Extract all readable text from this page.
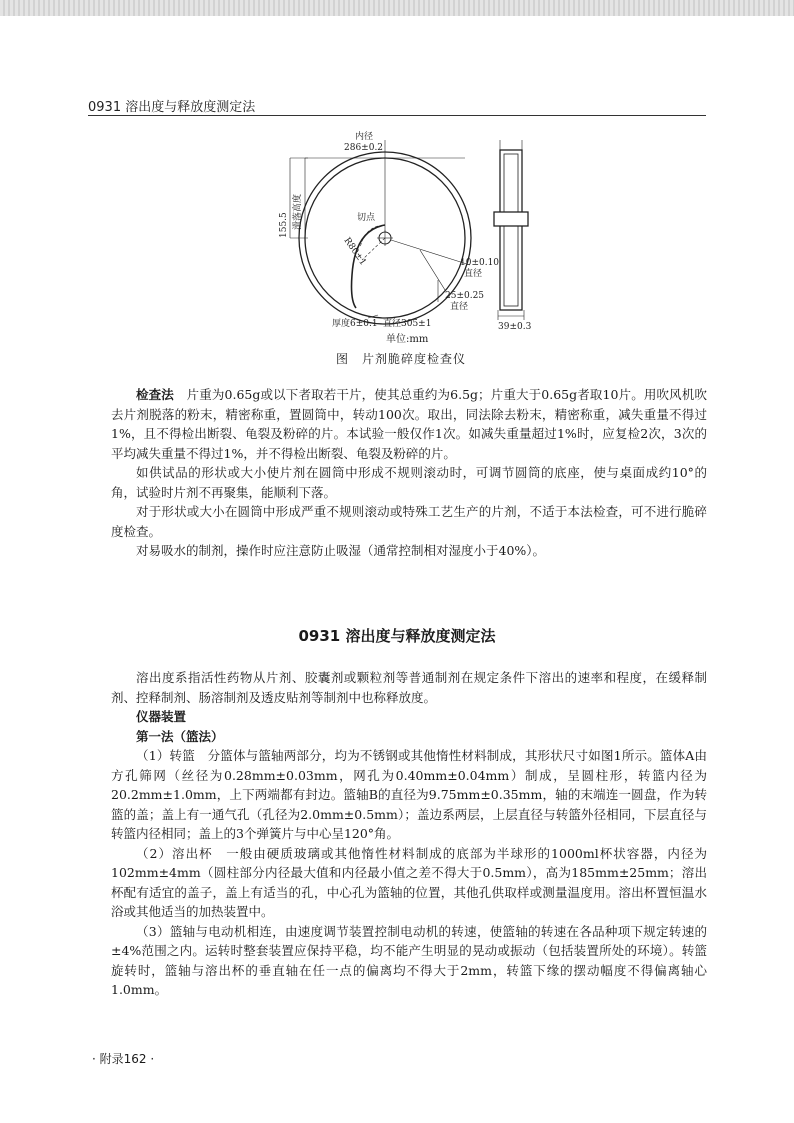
0931 溶出度与释放度测定法
内径
286±0.2
155.5 滑落高度	切点
R80±1	10±0.10
直径
25±0.25
直径
厚度6±0.1 直径305±1	39±0.3
单位:mm
图　片剂脆碎度检查仪

检查法　 片重为0.65g或以下者取若干片，使其总重约为6.5g；片重大于0.65g者取10片。用吹风机吹去片剂脱落的粉末，精密称重，置圆筒中，转动100次。取出，同法除去粉末，精密称重，减失重量不得过1%，且不得检出断裂、龟裂及粉碎的片。本试验一般仅作1次。如减失重量超过1%时，应复检2次，3次的平均减失重量不得过1%，并不得检出断裂、龟裂及粉碎的片。

如供试品的形状或大小使片剂在圆筒中形成不规则滚动时，可调节圆筒的底座，使与桌面成约10°的角，试验时片剂不再聚集，能顺利下落。

对于形状或大小在圆筒中形成严重不规则滚动或特殊工艺生产的片剂，不适于本法检查，可不进行脆碎度检查。

对易吸水的制剂，操作时应注意防止吸湿（通常控制相对湿度小于40%）。

0931 溶出度与释放度测定法

溶出度系指活性药物从片剂、胶囊剂或颗粒剂等普通制剂在规定条件下溶出的速率和程度，在缓释制剂、控释制剂、肠溶制剂及透皮贴剂等制剂中也称释放度。

仪器装置

第一法（篮法）

（1）转篮　分篮体与篮轴两部分，均为不锈钢或其他惰性材料制成，其形状尺寸如图1所示。篮体A由方孔筛网（丝径为0.28mm±0.03mm，网孔为0.40mm±0.04mm）制成，呈圆柱形，转篮内径为20.2mm±1.0mm，上下两端都有封边。篮轴B的直径为9.75mm±0.35mm，轴的末端连一圆盘，作为转篮的盖；盖上有一通气孔（孔径为2.0mm±0.5mm）；盖边系两层，上层直径与转篮外径相同，下层直径与转篮内径相同；盖上的3个弹簧片与中心呈120°角。

（2）溶出杯　一般由硬质玻璃或其他惰性材料制成的底部为半球形的1000ml杯状容器，内径为102mm±4mm（圆柱部分内径最大值和内径最小值之差不得大于0.5mm），高为185mm±25mm；溶出杯配有适宜的盖子，盖上有适当的孔，中心孔为篮轴的位置，其他孔供取样或测量温度用。溶出杯置恒温水浴或其他适当的加热装置中。

（3）篮轴与电动机相连，由速度调节装置控制电动机的转速，使篮轴的转速在各品种项下规定转速的±4%范围之内。运转时整套装置应保持平稳，均不能产生明显的晃动或振动（包括装置所处的环境）。转篮旋转时，篮轴与溶出杯的垂直轴在任一点的偏离均不得大于2mm，转篮下缘的摆动幅度不得偏离轴心1.0mm。

· 附录162 ·
